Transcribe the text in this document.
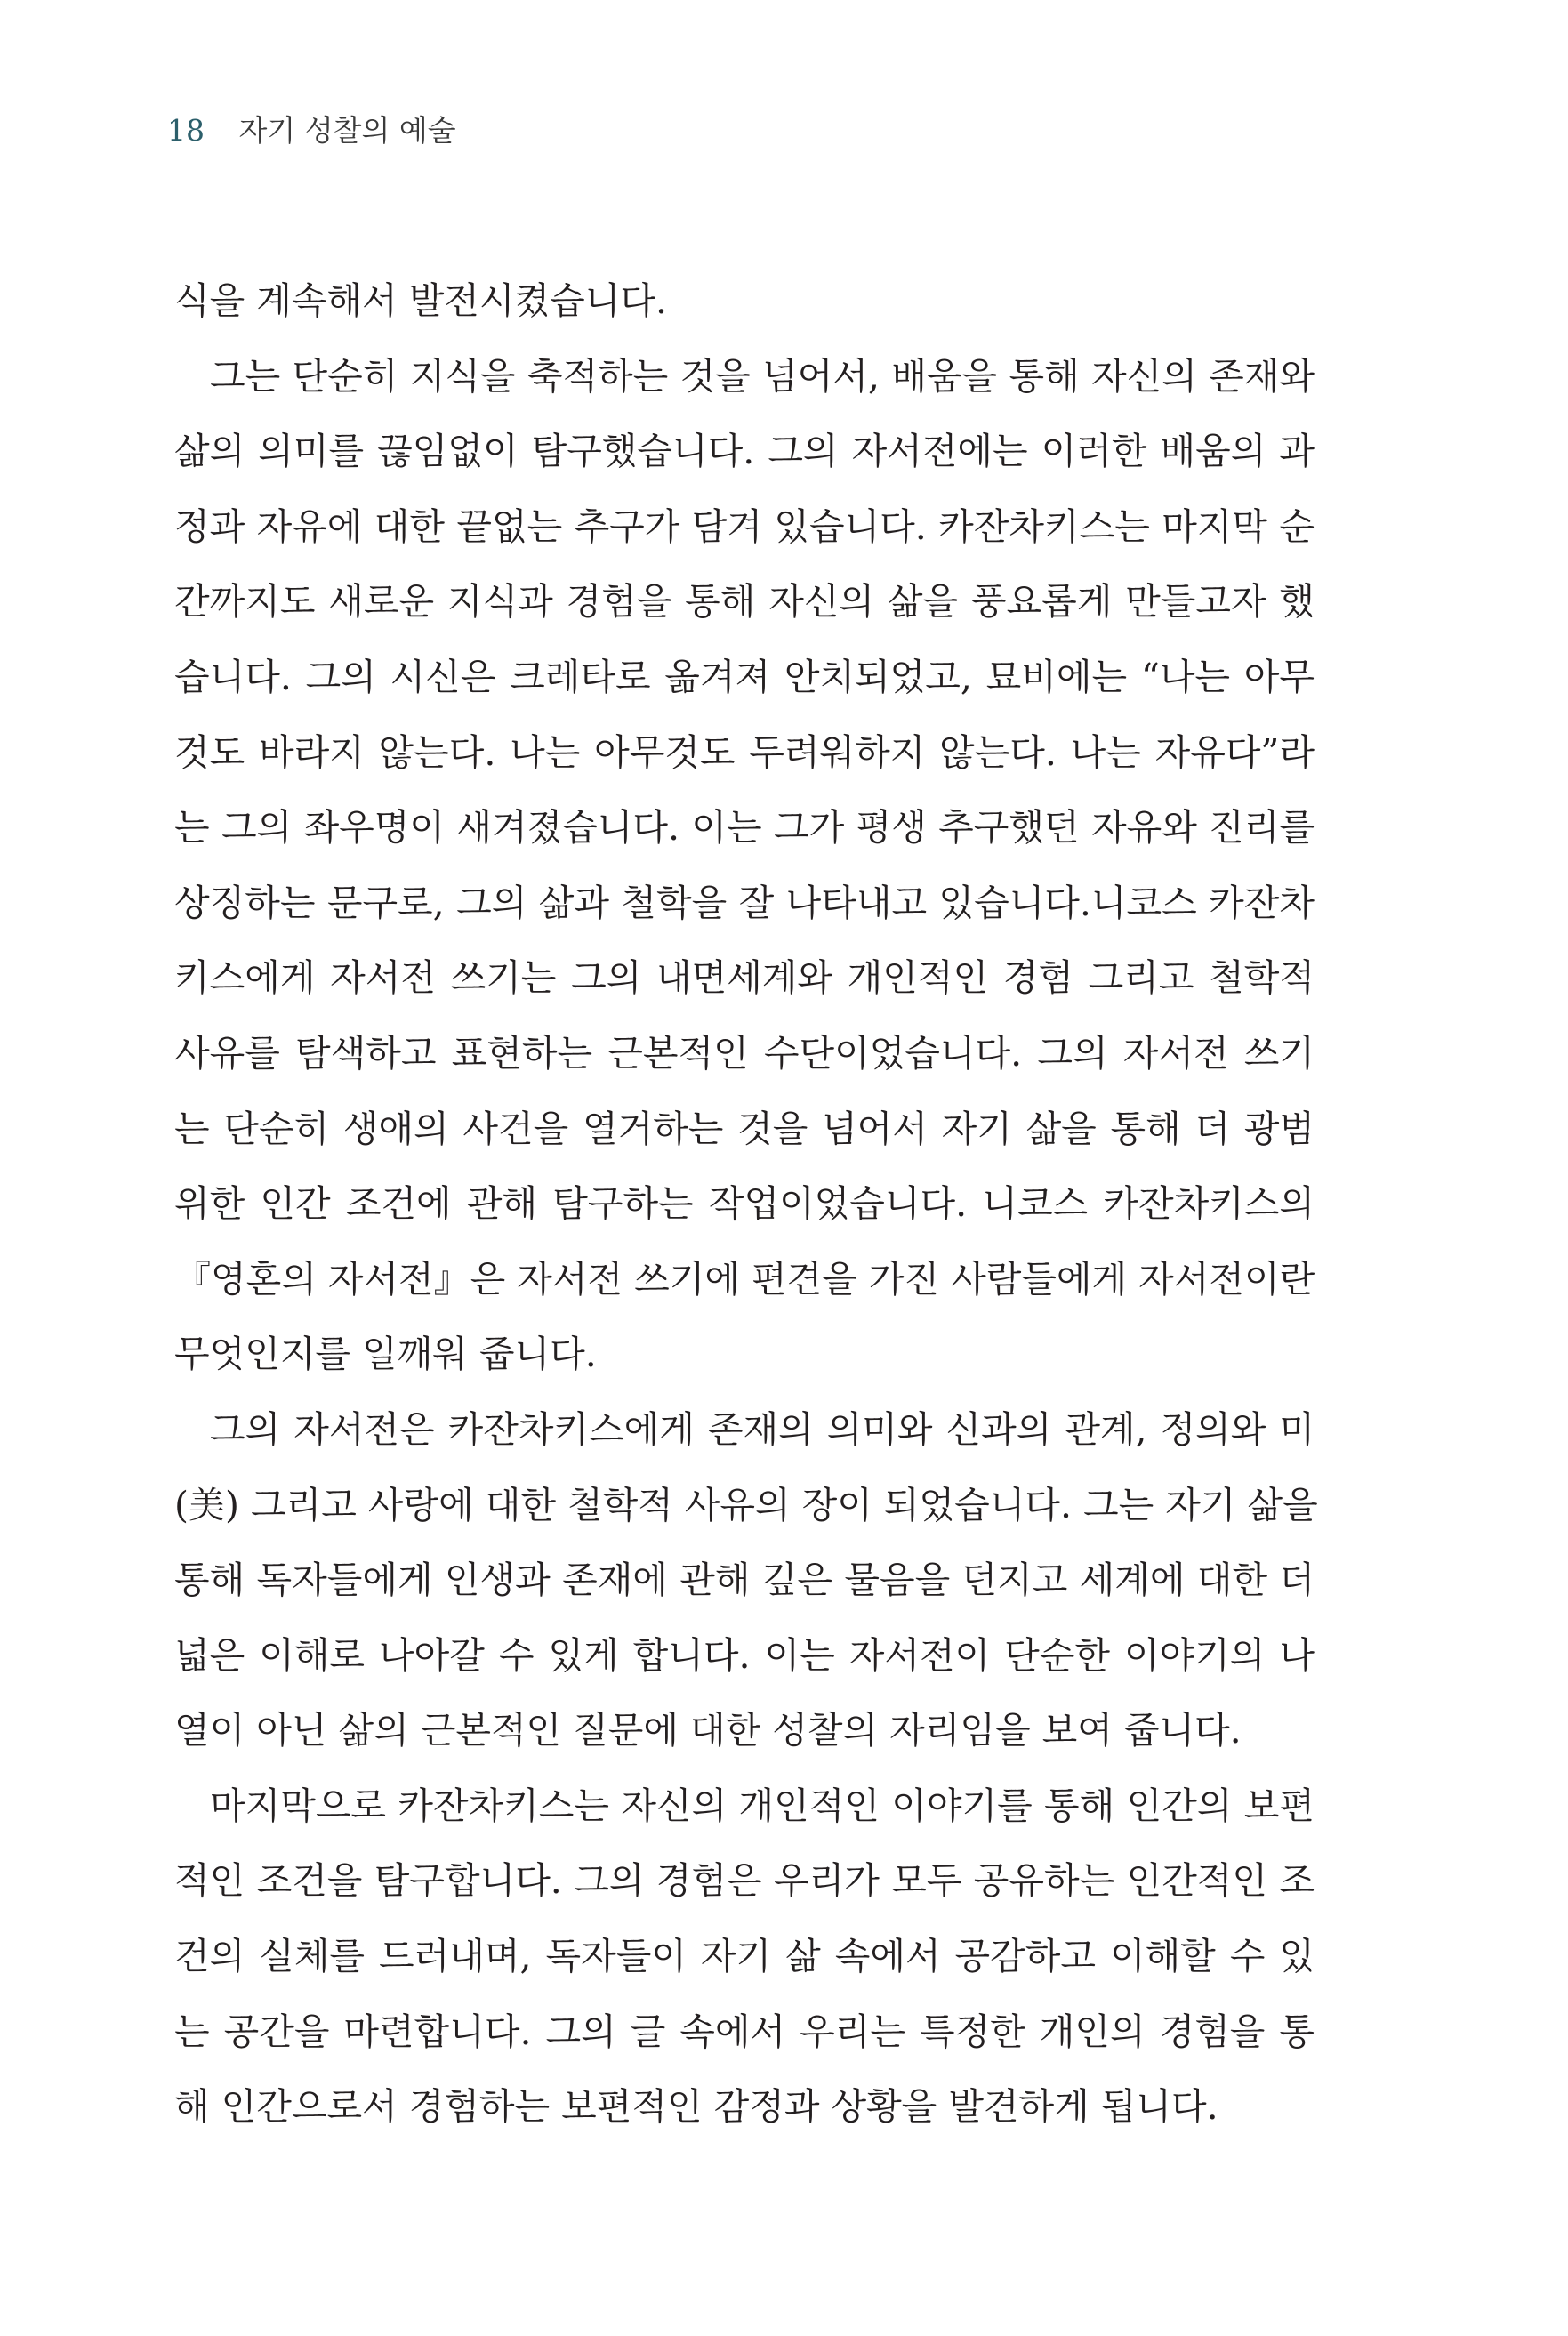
18 자기 성찰의 예술
식을 계속해서 발전시켰습니다.
그는 단순히 지식을 축적하는 것을 넘어서, 배움을 통해 자신의 존재와
삶의 의미를 끊임없이 탐구했습니다. 그의 자서전에는 이러한 배움의 과
정과 자유에 대한 끝없는 추구가 담겨 있습니다. 카잔차키스는 마지막 순
간까지도 새로운 지식과 경험을 통해 자신의 삶을 풍요롭게 만들고자 했
습니다. 그의 시신은 크레타로 옮겨져 안치되었고, 묘비에는 “나는 아무
것도 바라지 않는다. 나는 아무것도 두려워하지 않는다. 나는 자유다”라
는 그의 좌우명이 새겨졌습니다. 이는 그가 평생 추구했던 자유와 진리를
상징하는 문구로, 그의 삶과 철학을 잘 나타내고 있습니다.니코스 카잔차
키스에게 자서전 쓰기는 그의 내면세계와 개인적인 경험 그리고 철학적
사유를 탐색하고 표현하는 근본적인 수단이었습니다. 그의 자서전 쓰기
는 단순히 생애의 사건을 열거하는 것을 넘어서 자기 삶을 통해 더 광범
위한 인간 조건에 관해 탐구하는 작업이었습니다. 니코스 카잔차키스의
『영혼의 자서전』은 자서전 쓰기에 편견을 가진 사람들에게 자서전이란
무엇인지를 일깨워 줍니다.
그의 자서전은 카잔차키스에게 존재의 의미와 신과의 관계, 정의와 미
(美) 그리고 사랑에 대한 철학적 사유의 장이 되었습니다. 그는 자기 삶을
통해 독자들에게 인생과 존재에 관해 깊은 물음을 던지고 세계에 대한 더
넓은 이해로 나아갈 수 있게 합니다. 이는 자서전이 단순한 이야기의 나
열이 아닌 삶의 근본적인 질문에 대한 성찰의 자리임을 보여 줍니다.
마지막으로 카잔차키스는 자신의 개인적인 이야기를 통해 인간의 보편
적인 조건을 탐구합니다. 그의 경험은 우리가 모두 공유하는 인간적인 조
건의 실체를 드러내며, 독자들이 자기 삶 속에서 공감하고 이해할 수 있
는 공간을 마련합니다. 그의 글 속에서 우리는 특정한 개인의 경험을 통
해 인간으로서 경험하는 보편적인 감정과 상황을 발견하게 됩니다.
